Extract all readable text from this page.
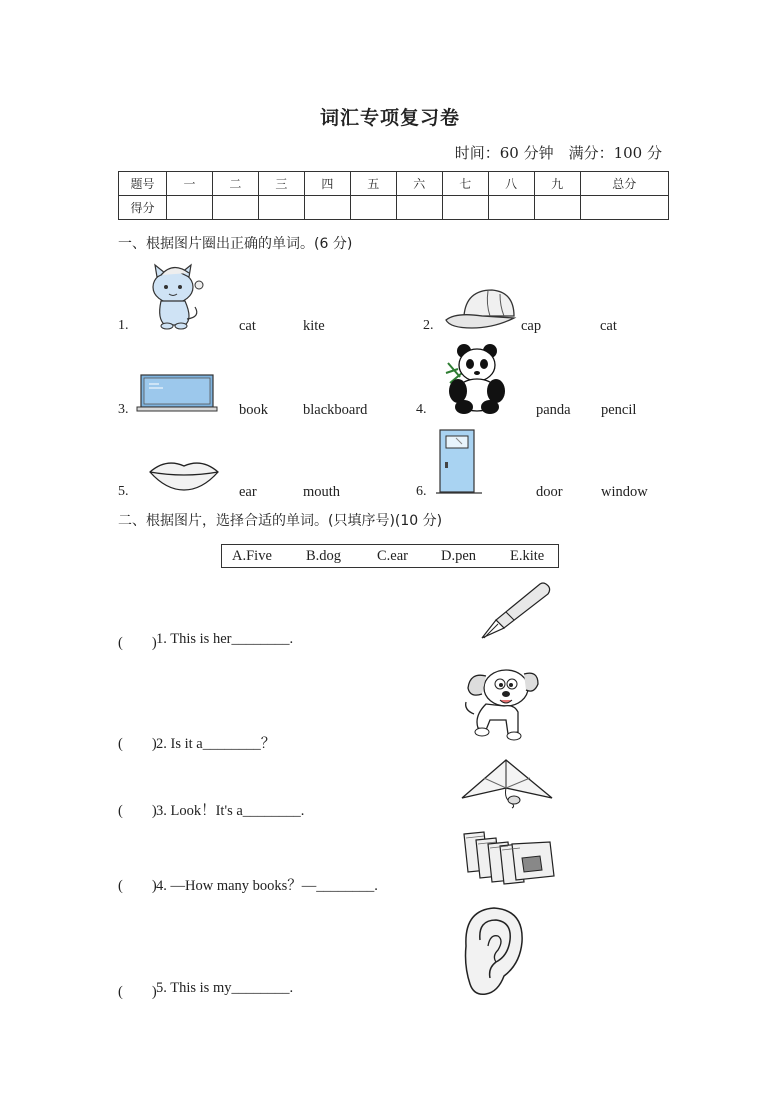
词汇专项复习卷
时间：60 分钟　满分：100 分
题号	一	二	三	四	五	六	七	八	九	总分
得分										
一、根据图片圈出正确的单词。(6 分)
1.	cat	kite	2.	cap	cat
3.	book blackboard	4.	panda pencil
5.	ear	mouth	6.	door	window
二、根据图片，选择合适的单词。(只填序号)(10 分)
A.Five B.dog C.ear D.pen E.kite
(　　) 1. This is her________.
(　　) 2. Is it a________？
(　　) 3. Look！It's a________.
(　　) 4. —How many books？—________.
(　　) 5. This is my________.
